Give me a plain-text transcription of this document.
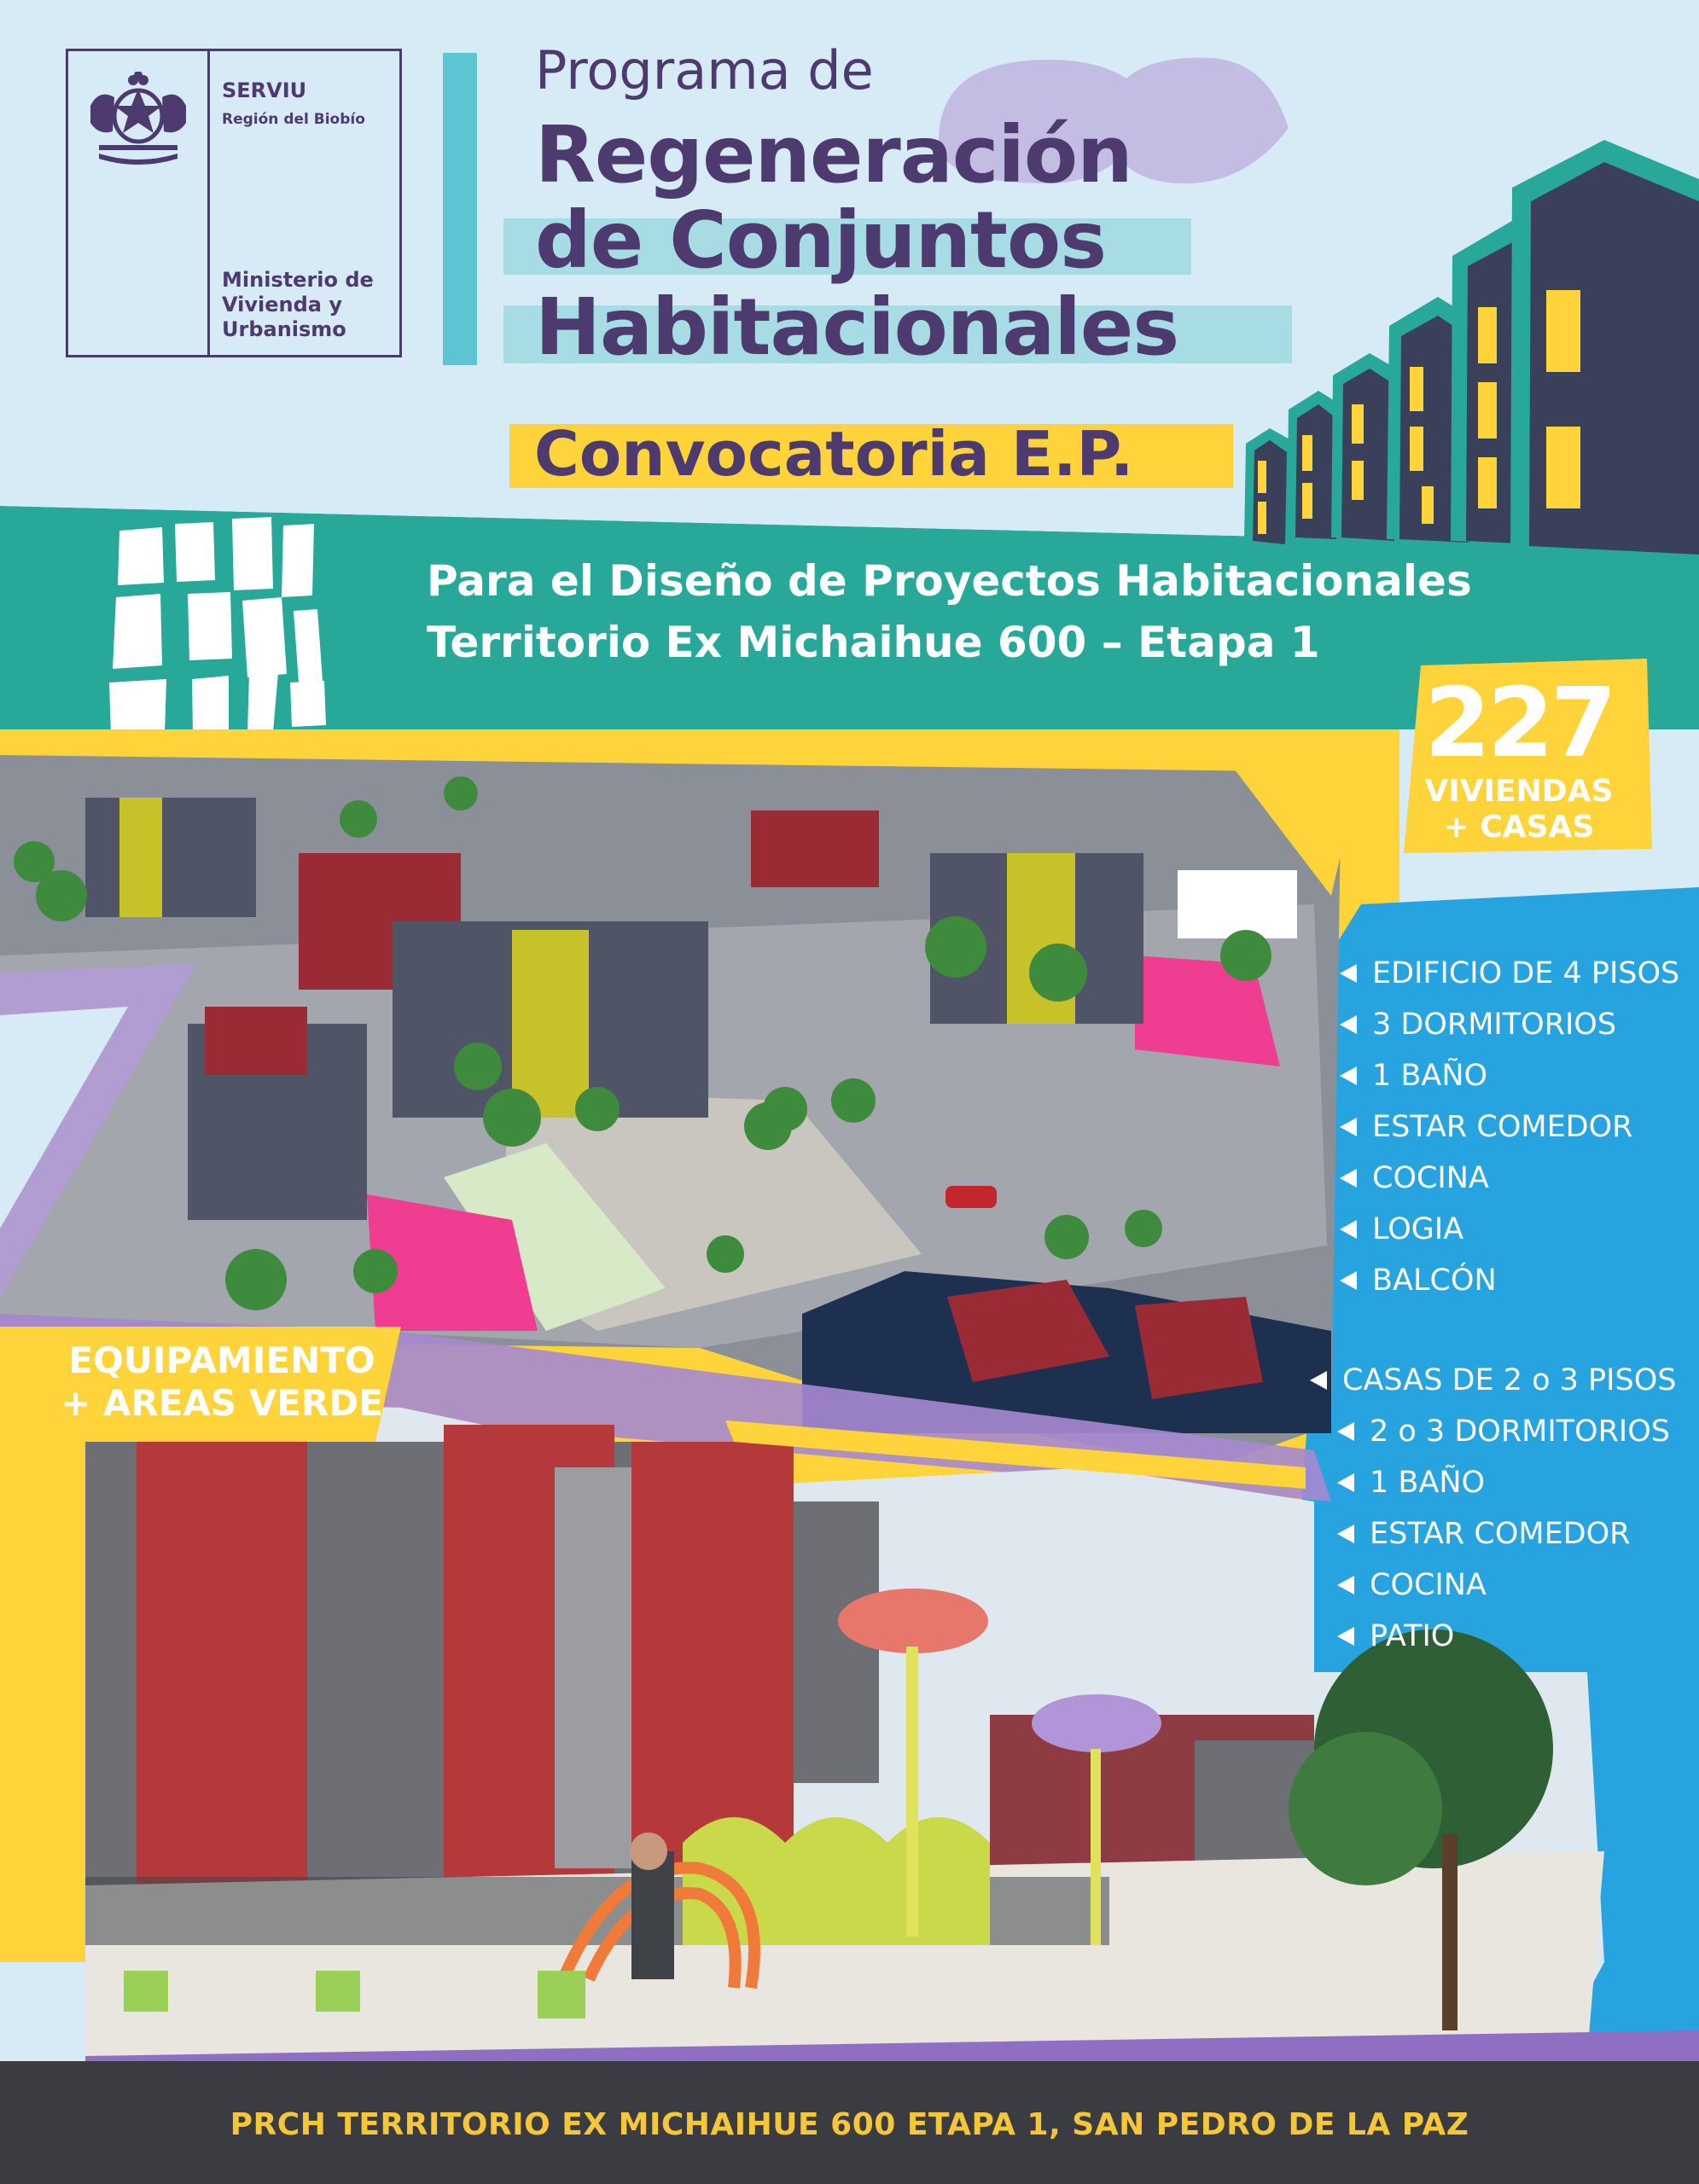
SERVIU
Región del Biobío
Ministerio de Vivienda y Urbanismo
Programa de
Regeneración
de Conjuntos
Habitacionales
Convocatoria E.P.
Para el Diseño de Proyectos Habitacionales
Territorio Ex Michaihue 600 – Etapa 1
227
VIVIENDAS
+ CASAS
EDIFICIO DE 4 PISOS
3 DORMITORIOS
1 BAÑO
ESTAR COMEDOR
COCINA
LOGIA
BALCÓN
CASAS DE 2 o 3 PISOS
2 o 3 DORMITORIOS
1 BAÑO
ESTAR COMEDOR
COCINA
PATIO
EQUIPAMIENTO
+ AREAS VERDE
PRCH TERRITORIO EX MICHAIHUE 600 ETAPA 1, SAN PEDRO DE LA PAZ
